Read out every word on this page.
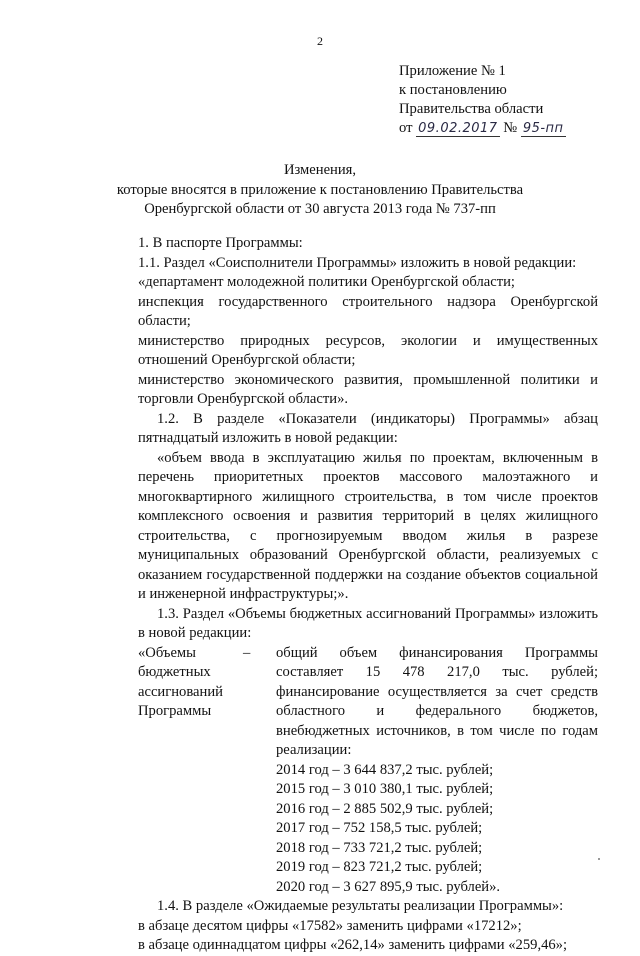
2
Приложение № 1
к постановлению
Правительства области
от 09.02.2017 № 95-пп
Изменения,
которые вносятся в приложение к постановлению Правительства
Оренбургской области от 30 августа 2013 года № 737-пп

1. В паспорте Программы:

1.1. Раздел «Соисполнители Программы» изложить в новой редакции:

«департамент молодежной политики Оренбургской области;

инспекция государственного строительного надзора Оренбургской области;

министерство природных ресурсов, экологии и имущественных отношений Оренбургской области;

министерство экономического развития, промышленной политики и торговли Оренбургской области».

1.2. В разделе «Показатели (индикаторы) Программы» абзац пятнадцатый изложить в новой редакции:

«объем ввода в эксплуатацию жилья по проектам, включенным в перечень приоритетных проектов массового малоэтажного и многоквартирного жилищного строительства, в том числе проектов комплексного освоения и развития территорий в целях жилищного строительства, с прогнозируемым вводом жилья в разрезе муниципальных образований Оренбургской области, реализуемых с оказанием государственной поддержки на создание объектов социальной и инженерной инфраструктуры;».

1.3. Раздел «Объемы бюджетных ассигнований Программы» изложить в новой редакции:

«Объемы
бюджетных
ассигнований
Программы
–	общий объем финансирования Программы составляет 15 478 217,0 тыс. рублей; финансирование осуществляется за счет средств областного и федерального бюджетов, внебюджетных источников, в том числе по годам реализации:
2014 год – 3 644 837,2 тыс. рублей;
2015 год – 3 010 380,1 тыс. рублей;
2016 год – 2 885 502,9 тыс. рублей;
2017 год – 752 158,5 тыс. рублей;
2018 год – 733 721,2 тыс. рублей;
2019 год – 823 721,2 тыс. рублей;
2020 год – 3 627 895,9 тыс. рублей».

1.4. В разделе «Ожидаемые результаты реализации Программы»:

в абзаце десятом цифры «17582» заменить цифрами «17212»;

в абзаце одиннадцатом цифры «262,14» заменить цифрами «259,46»;
